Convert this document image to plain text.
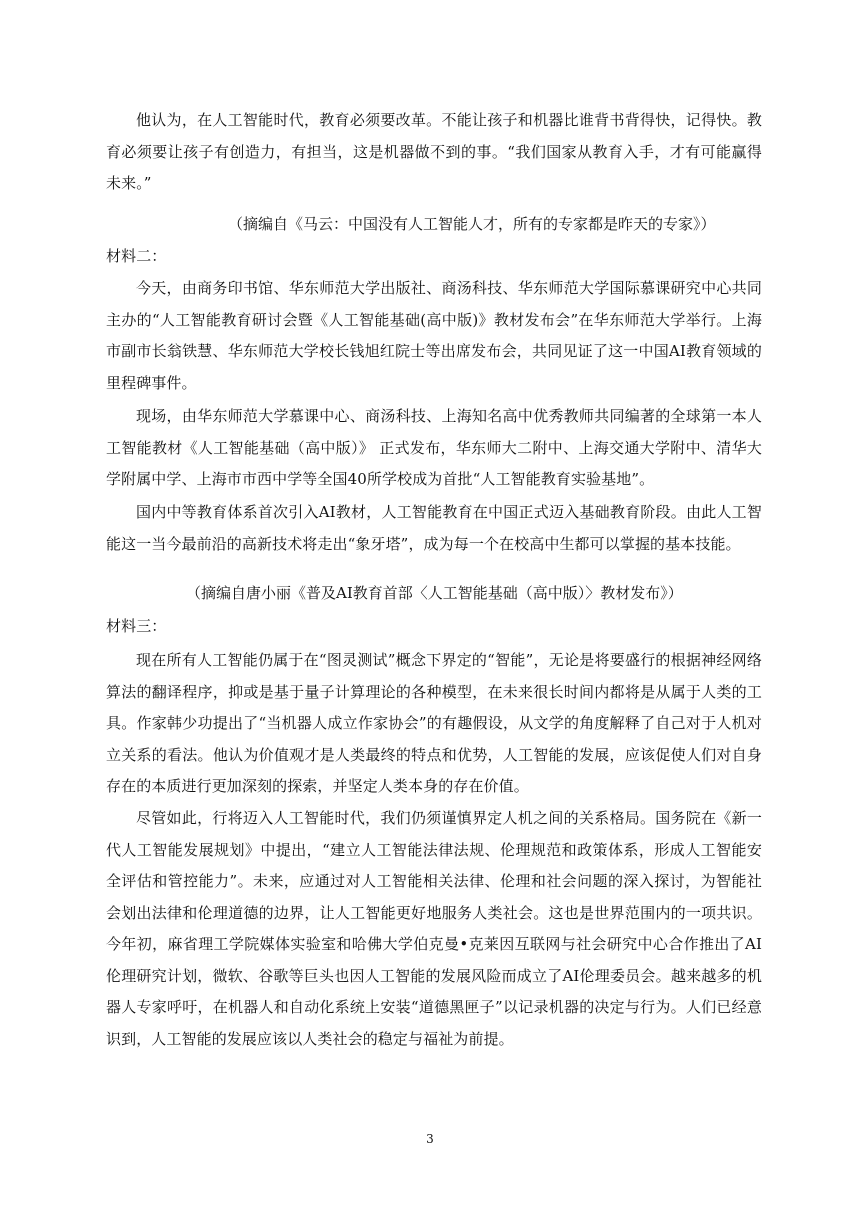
他认为，在人工智能时代，教育必须要改革。不能让孩子和机器比谁背书背得快，记得快。教育必须要让孩子有创造力，有担当，这是机器做不到的事。“我们国家从教育入手，才有可能赢得未来。”
（摘编自《马云：中国没有人工智能人才，所有的专家都是昨天的专家》）
材料二：
今天，由商务印书馆、华东师范大学出版社、商汤科技、华东师范大学国际慕课研究中心共同主办的“人工智能教育研讨会暨《人工智能基础(高中版)》教材发布会”在华东师范大学举行。上海市副市长翁铁慧、华东师范大学校长钱旭红院士等出席发布会，共同见证了这一中国AI教育领域的里程碑事件。
现场，由华东师范大学慕课中心、商汤科技、上海知名高中优秀教师共同编著的全球第一本人工智能教材《人工智能基础（高中版）》 正式发布，华东师大二附中、上海交通大学附中、清华大学附属中学、上海市市西中学等全国40所学校成为首批“人工智能教育实验基地”。
国内中等教育体系首次引入AI教材，人工智能教育在中国正式迈入基础教育阶段。由此人工智能这一当今最前沿的高新技术将走出“象牙塔”，成为每一个在校高中生都可以掌握的基本技能。
（摘编自唐小丽《普及AI教育首部〈人工智能基础（高中版）〉教材发布》）
材料三：
现在所有人工智能仍属于在“图灵测试”概念下界定的“智能”，无论是将要盛行的根据神经网络算法的翻译程序，抑或是基于量子计算理论的各种模型，在未来很长时间内都将是从属于人类的工具。作家韩少功提出了“当机器人成立作家协会”的有趣假设，从文学的角度解释了自己对于人机对立关系的看法。他认为价值观才是人类最终的特点和优势，人工智能的发展，应该促使人们对自身存在的本质进行更加深刻的探索，并坚定人类本身的存在价值。
尽管如此，行将迈入人工智能时代，我们仍须谨慎界定人机之间的关系格局。国务院在《新一代人工智能发展规划》中提出，“建立人工智能法律法规、伦理规范和政策体系，形成人工智能安全评估和管控能力”。未来，应通过对人工智能相关法律、伦理和社会问题的深入探讨，为智能社会划出法律和伦理道德的边界，让人工智能更好地服务人类社会。这也是世界范围内的一项共识。今年初，麻省理工学院媒体实验室和哈佛大学伯克曼•克莱因互联网与社会研究中心合作推出了AI伦理研究计划，微软、谷歌等巨头也因人工智能的发展风险而成立了AI伦理委员会。越来越多的机器人专家呼吁，在机器人和自动化系统上安装“道德黑匣子”以记录机器的决定与行为。人们已经意识到，人工智能的发展应该以人类社会的稳定与福祉为前提。
3
